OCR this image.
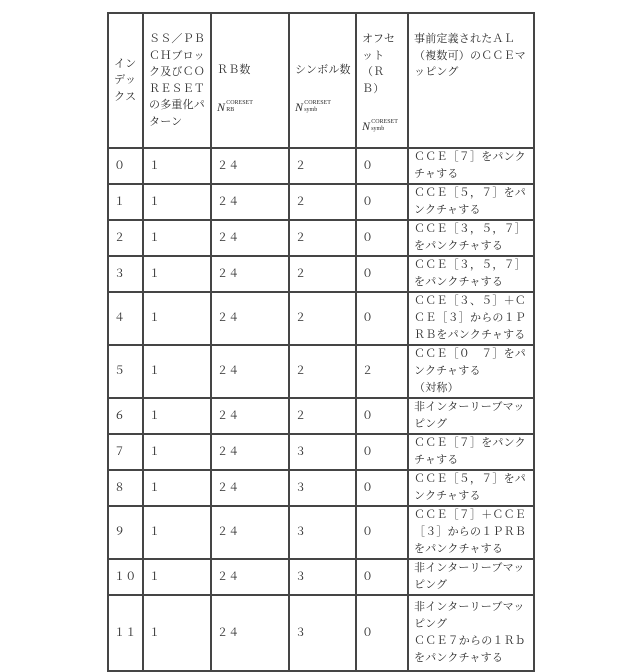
イン
デッ
クス

ＳＳ／ＰＢ
ＣＨブロッ
ク及びＣＯ
ＲＥＳＥＴ
の多重化パ
ターン

ＲＢ数

N CORESET
RB

シンボル数

N CORESET
symb

オフセ
ット
（Ｒ
Ｂ）

N CORESET
symb

事前定義されたＡＬ
（複数可）のＣＣＥマ
ッピング

０	１	２４	２	０	ＣＣＥ［７］をパンク
チャする
１	１	２４	２	０	ＣＣＥ［５，７］をパ
ンクチャする
２	１	２４	２	０	ＣＣＥ［３，５，７］
をパンクチャする
３	１	２４	２	０	ＣＣＥ［３，５，７］
をパンクチャする
４	１	２４	２	０	ＣＣＥ［３、５］＋Ｃ
ＣＥ［３］からの１Ｐ
ＲＢをパンクチャする
５	１	２４	２	２	ＣＣＥ［０　７］をパ
ンクチャする
（対称）
６	１	２４	２	０	非インターリーブマッ
ピング
７	１	２４	３	０	ＣＣＥ［７］をパンク
チャする
８	１	２４	３	０	ＣＣＥ［５，７］をパ
ンクチャする
９	１	２４	３	０	ＣＣＥ［７］＋ＣＣＥ
［３］からの１ＰＲＢ
をパンクチャする
１０	１	２４	３	０	非インターリーブマッ
ピング
１１	１	２４	３	０	非インターリーブマッ
ピング
ＣＣＥ７からの１Ｒｂ
をパンクチャする
